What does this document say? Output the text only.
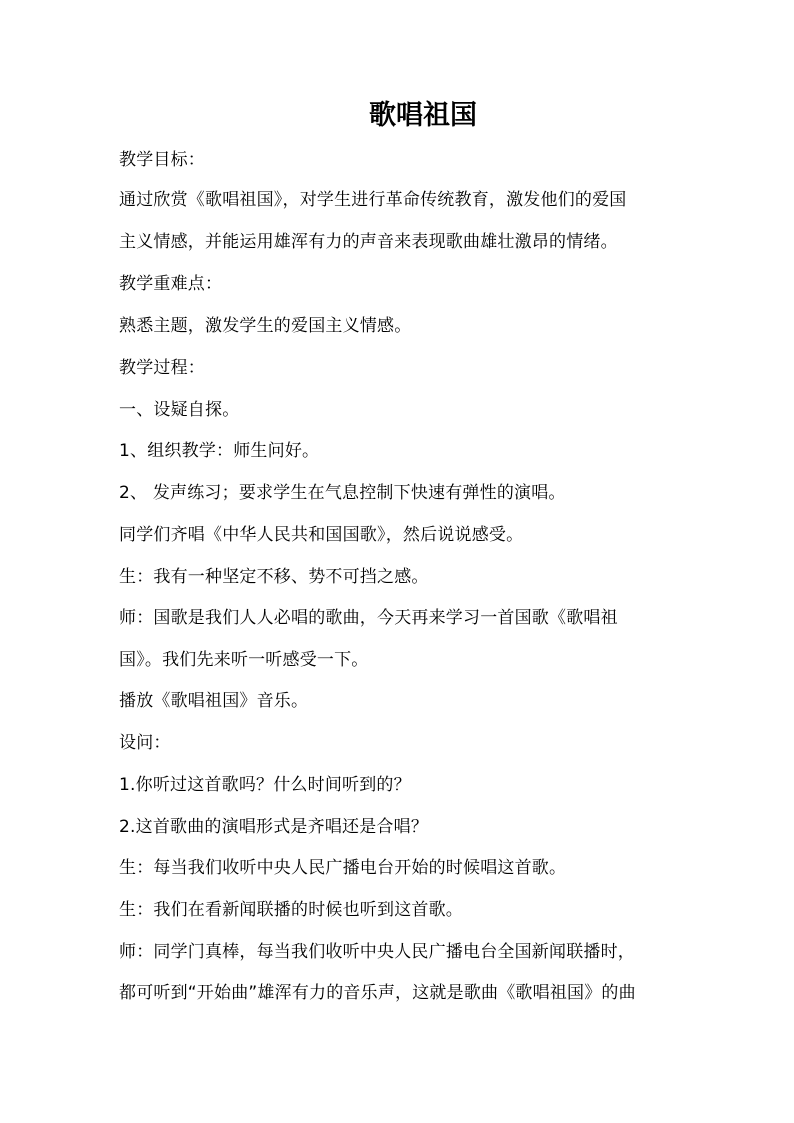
歌唱祖国
教学目标：
通过欣赏《歌唱祖国》，对学生进行革命传统教育，激发他们的爱国
主义情感，并能运用雄浑有力的声音来表现歌曲雄壮激昂的情绪。
教学重难点：
熟悉主题，激发学生的爱国主义情感。
教学过程：
一、设疑自探。
1、组织教学：师生问好。
2、 发声练习；要求学生在气息控制下快速有弹性的演唱。
同学们齐唱《中华人民共和国国歌》，然后说说感受。
生：我有一种坚定不移、势不可挡之感。
师：国歌是我们人人必唱的歌曲，今天再来学习一首国歌《歌唱祖
国》。我们先来听一听感受一下。
播放《歌唱祖国》音乐。
设问：
1.你听过这首歌吗？什么时间听到的？
2.这首歌曲的演唱形式是齐唱还是合唱？
生：每当我们收听中央人民广播电台开始的时候唱这首歌。
生：我们在看新闻联播的时候也听到这首歌。
师：同学门真棒，每当我们收听中央人民广播电台全国新闻联播时，
都可听到“开始曲”雄浑有力的音乐声，这就是歌曲《歌唱祖国》的曲
